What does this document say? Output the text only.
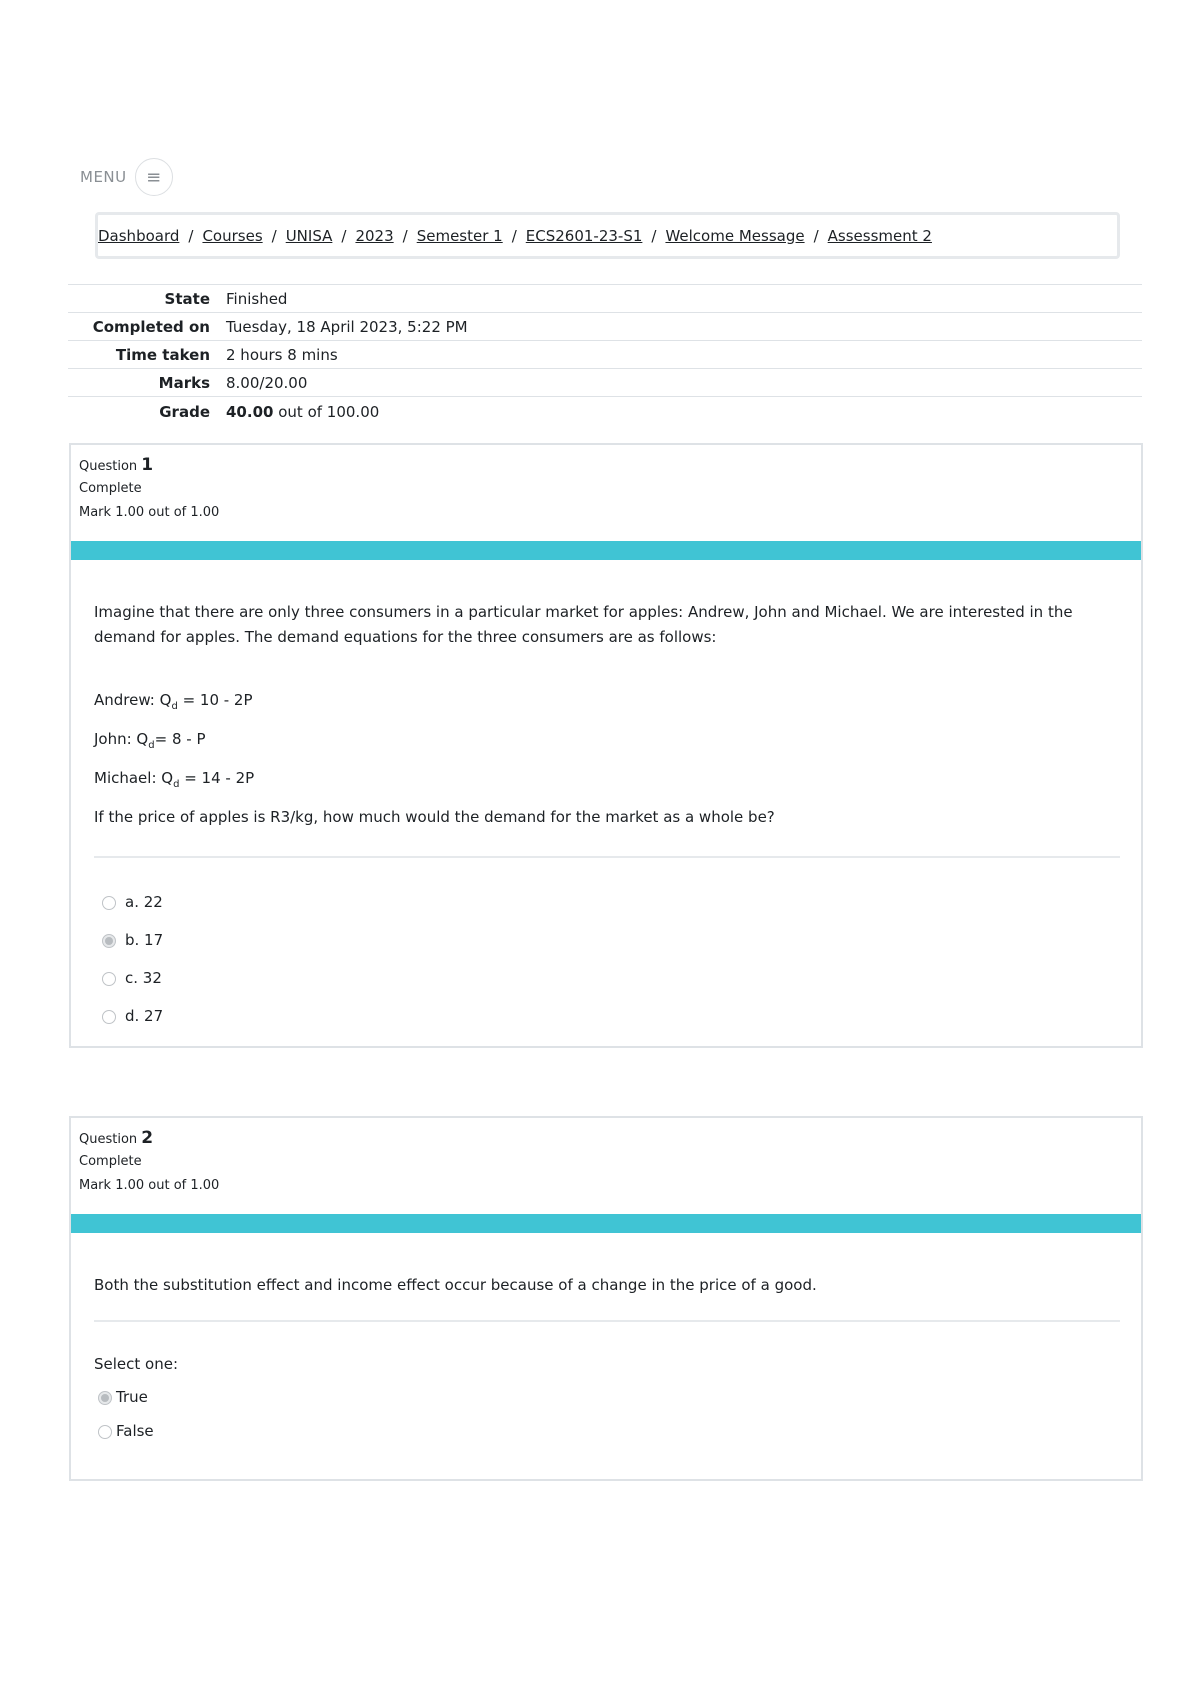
MENU	≡
Dashboard / Courses / UNISA / 2023 / Semester 1 / ECS2601-23-S1 / Welcome Message / Assessment 2
State	Finished
Completed on	Tuesday, 18 April 2023, 5:22 PM
Time taken	2 hours 8 mins
Marks	8.00/20.00
Grade	40.00 out of 100.00
Question 1
Complete
Mark 1.00 out of 1.00

Imagine that there are only three consumers in a particular market for apples: Andrew, John and Michael. We are interested in the demand for apples. The demand equations for the three consumers are as follows:

Andrew: $Q_d = 10 - 2P$
John: $Q_d= 8 - P$
Michael: $Q_d = 14 - 2P$
If the price of apples is R3/kg, how much would the demand for the market as a whole be?
a. 22
b. 17
c. 32
d. 27
Question 2
Complete
Mark 1.00 out of 1.00

Both the substitution effect and income effect occur because of a change in the price of a good.

Select one:
True
False
